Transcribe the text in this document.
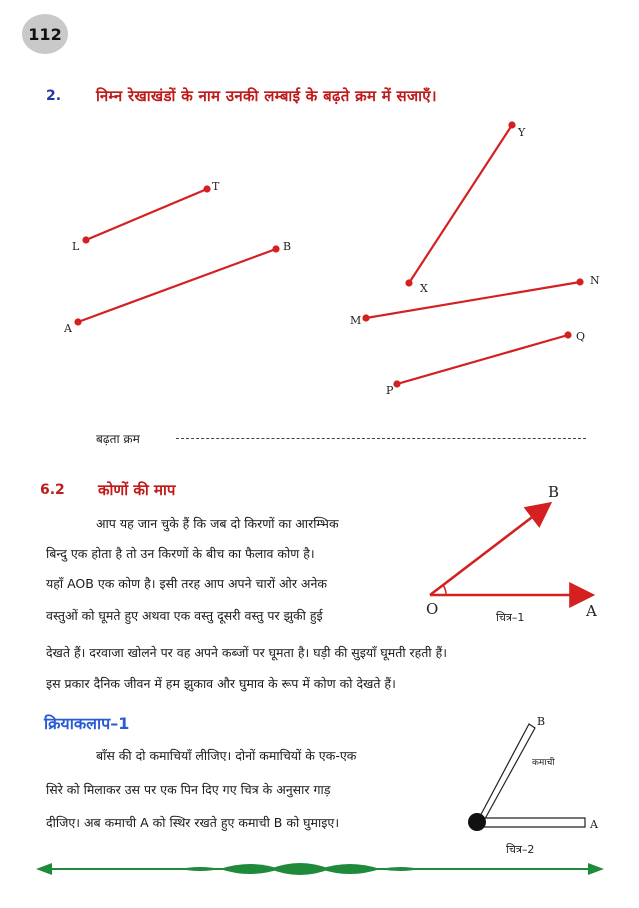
112
2. निम्न रेखाखंडों के नाम उनकी लम्बाई के बढ़ते क्रम में सजाएँ।
L
T
A
B
X
Y
M
N
P
Q
बढ़ता क्रम
6.2 कोणों की माप
आप यह जान चुके हैं कि जब दो किरणों का आरम्भिक
बिन्दु एक होता है तो उन किरणों के बीच का फैलाव कोण है।
यहाँ AOB एक कोण है। इसी तरह आप अपने चारों ओर अनेक
वस्तुओं को घूमते हुए अथवा एक वस्तु दूसरी वस्तु पर झुकी हुई
देखते हैं। दरवाजा खोलने पर वह अपने कब्जों पर घूमता है। घड़ी की सुइयाँ घूमती रहती हैं।
इस प्रकार दैनिक जीवन में हम झुकाव और घुमाव के रूप में कोण को देखते हैं।
O
B
A
चित्र–1
क्रियाकलाप–1
बाँस की दो कमाचियाँ लीजिए। दोनों कमाचियों के एक-एक
सिरे को मिलाकर उस पर एक पिन दिए गए चित्र के अनुसार गाड़
दीजिए। अब कमाची A को स्थिर रखते हुए कमाची B को घुमाइए।
B
A
कमाची
चित्र–2
